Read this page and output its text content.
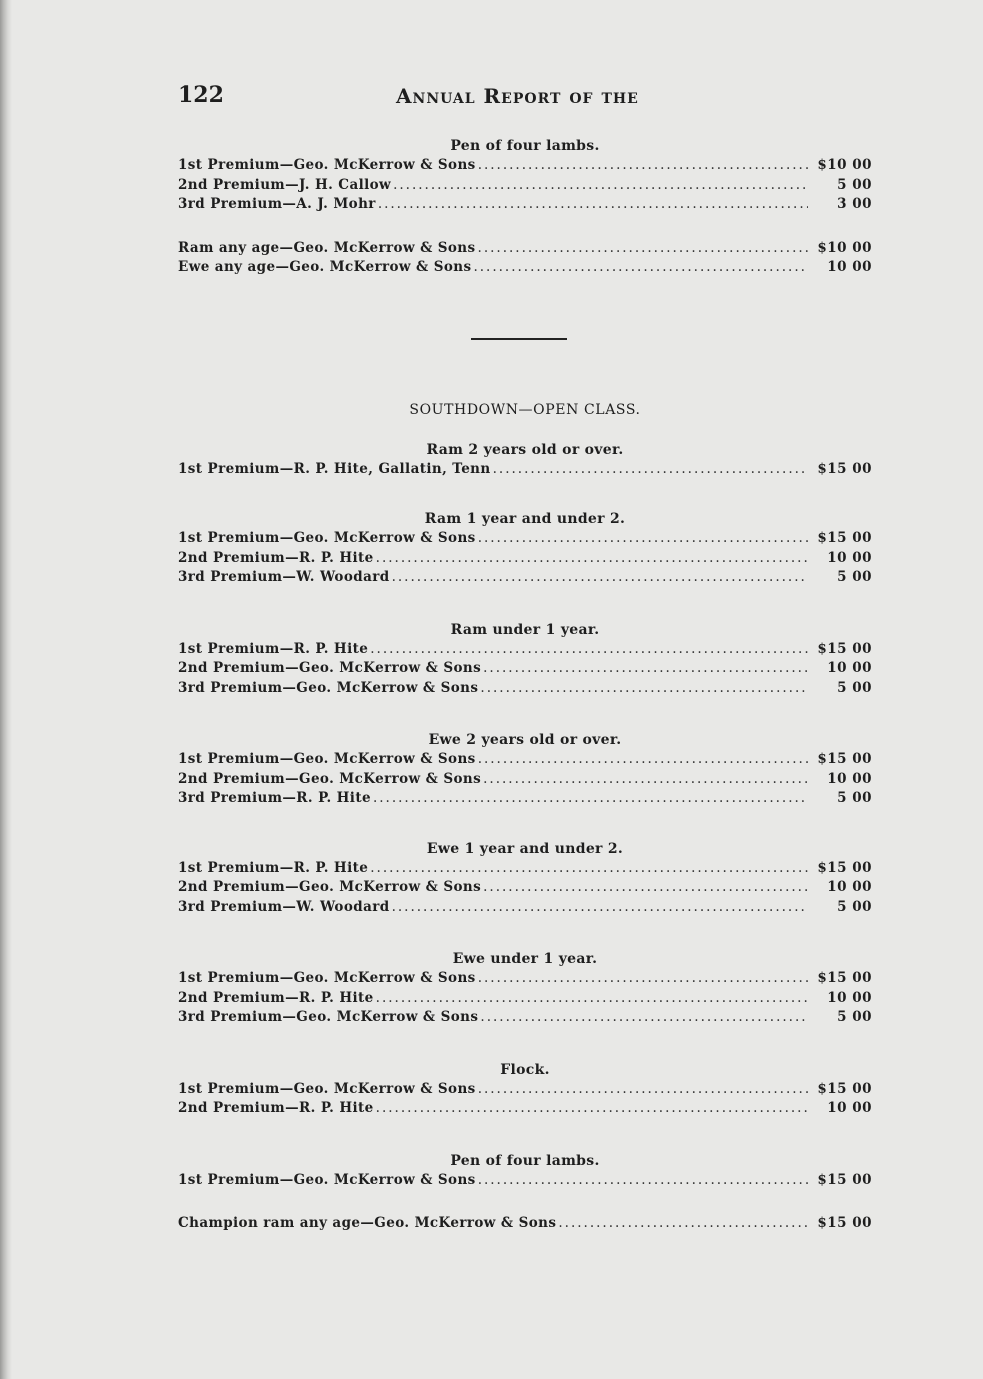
122	Annual Report of the
Pen of four lambs.
1st Premium—Geo. McKerrow & Sons .....	$10 00
2nd Premium—J. H. Callow .....	5 00
3rd Premium—A. J. Mohr .....	3 00
Ram any age—Geo. McKerrow & Sons .....	$10 00
Ewe any age—Geo. McKerrow & Sons .....	10 00
SOUTHDOWN—OPEN CLASS.
Ram 2 years old or over.
1st Premium—R. P. Hite, Gallatin, Tenn .....	$15 00
Ram 1 year and under 2.
1st Premium—Geo. McKerrow & Sons .....	$15 00
2nd Premium—R. P. Hite .....	10 00
3rd Premium—W. Woodard .....	5 00
Ram under 1 year.
1st Premium—R. P. Hite .....	$15 00
2nd Premium—Geo. McKerrow & Sons .....	10 00
3rd Premium—Geo. McKerrow & Sons .....	5 00
Ewe 2 years old or over.
1st Premium—Geo. McKerrow & Sons .....	$15 00
2nd Premium—Geo. McKerrow & Sons .....	10 00
3rd Premium—R. P. Hite .....	5 00
Ewe 1 year and under 2.
1st Premium—R. P. Hite .....	$15 00
2nd Premium—Geo. McKerrow & Sons .....	10 00
3rd Premium—W. Woodard .....	5 00
Ewe under 1 year.
1st Premium—Geo. McKerrow & Sons .....	$15 00
2nd Premium—R. P. Hite .....	10 00
3rd Premium—Geo. McKerrow & Sons .....	5 00
Flock.
1st Premium—Geo. McKerrow & Sons .....	$15 00
2nd Premium—R. P. Hite .....	10 00
Pen of four lambs.
1st Premium—Geo. McKerrow & Sons .....	$15 00
Champion ram any age—Geo. McKerrow & Sons .....	$15 00
